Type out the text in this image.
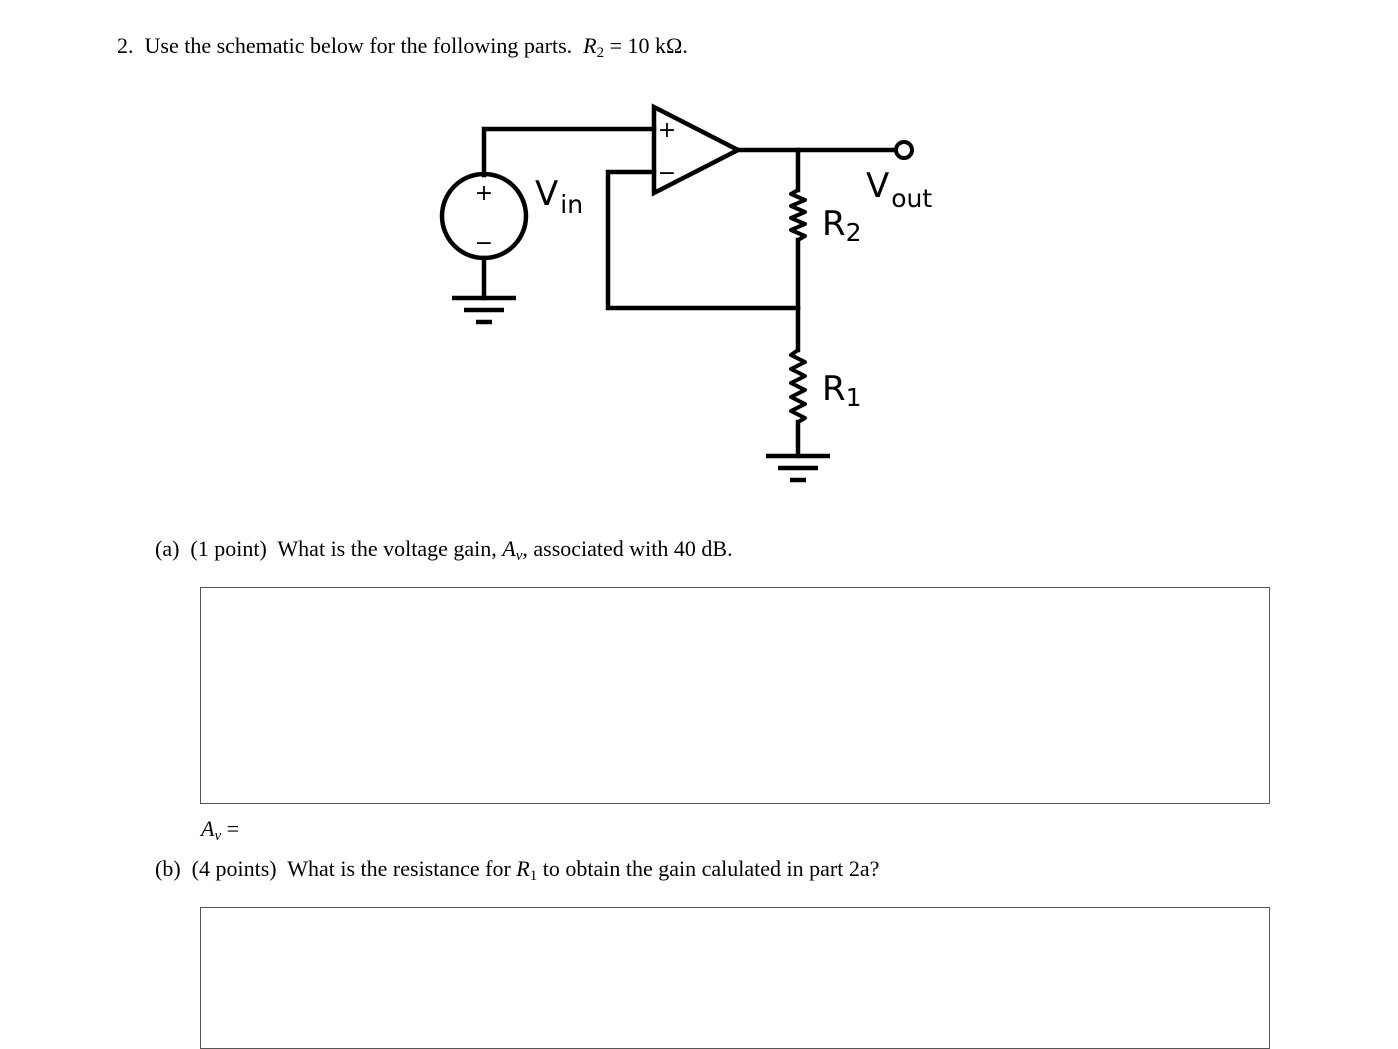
2. Use the schematic below for the following parts. $R_2 = 10$ kΩ.
+
−
+
−
$V_{in}$	$V_{out}$
R2
R1
(a) (1 point) What is the voltage gain, $A_v$, associated with 40 dB.
$A_v$ =
(b) (4 points) What is the resistance for $R_1$ to obtain the gain calulated in part 2a?
